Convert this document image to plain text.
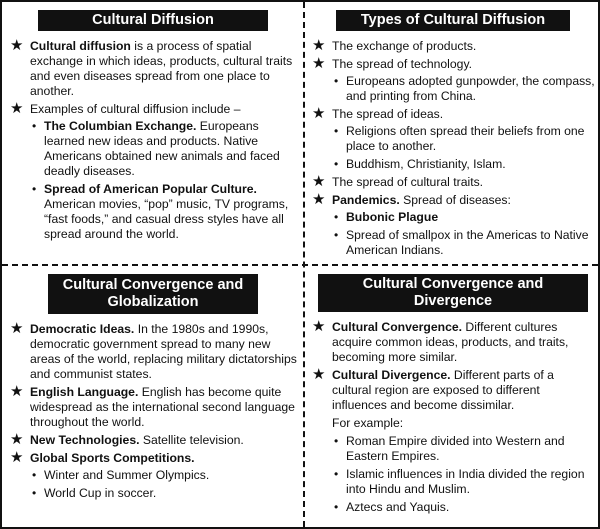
Cultural Diffusion
★ Cultural diffusion is a process of spatial exchange in which ideas, products, cultural traits and even diseases spread from one place to another.
★ Examples of cultural diffusion include –
• The Columbian Exchange. Europeans learned new ideas and products. Native Americans obtained new animals and faced deadly diseases.
• Spread of American Popular Culture. American movies, “pop” music, TV programs, “fast foods,” and casual dress styles have all spread around the world.
Types of Cultural Diffusion
★ The exchange of products.
★ The spread of technology.
• Europeans adopted gunpowder, the compass, and printing from China.
★ The spread of ideas.
• Religions often spread their beliefs from one place to another.
• Buddhism, Christianity, Islam.
★ The spread of cultural traits.
★ Pandemics. Spread of diseases:
• Bubonic Plague
• Spread of smallpox in the Americas to Native American Indians.
Cultural Convergence and Globalization
★ Democratic Ideas. In the 1980s and 1990s, democratic government spread to many new areas of the world, replacing military dictatorships and communist states.
★ English Language. English has become quite widespread as the international second language throughout the world.
★ New Technologies. Satellite television.
★ Global Sports Competitions.
• Winter and Summer Olympics.
• World Cup in soccer.
Cultural Convergence and Divergence
★ Cultural Convergence. Different cultures acquire common ideas, products, and traits, becoming more similar.
★ Cultural Divergence. Different parts of a cultural region are exposed to different influences and become dissimilar.
For example:
• Roman Empire divided into Western and Eastern Empires.
• Islamic influences in India divided the region into Hindu and Muslim.
• Aztecs and Yaquis.
